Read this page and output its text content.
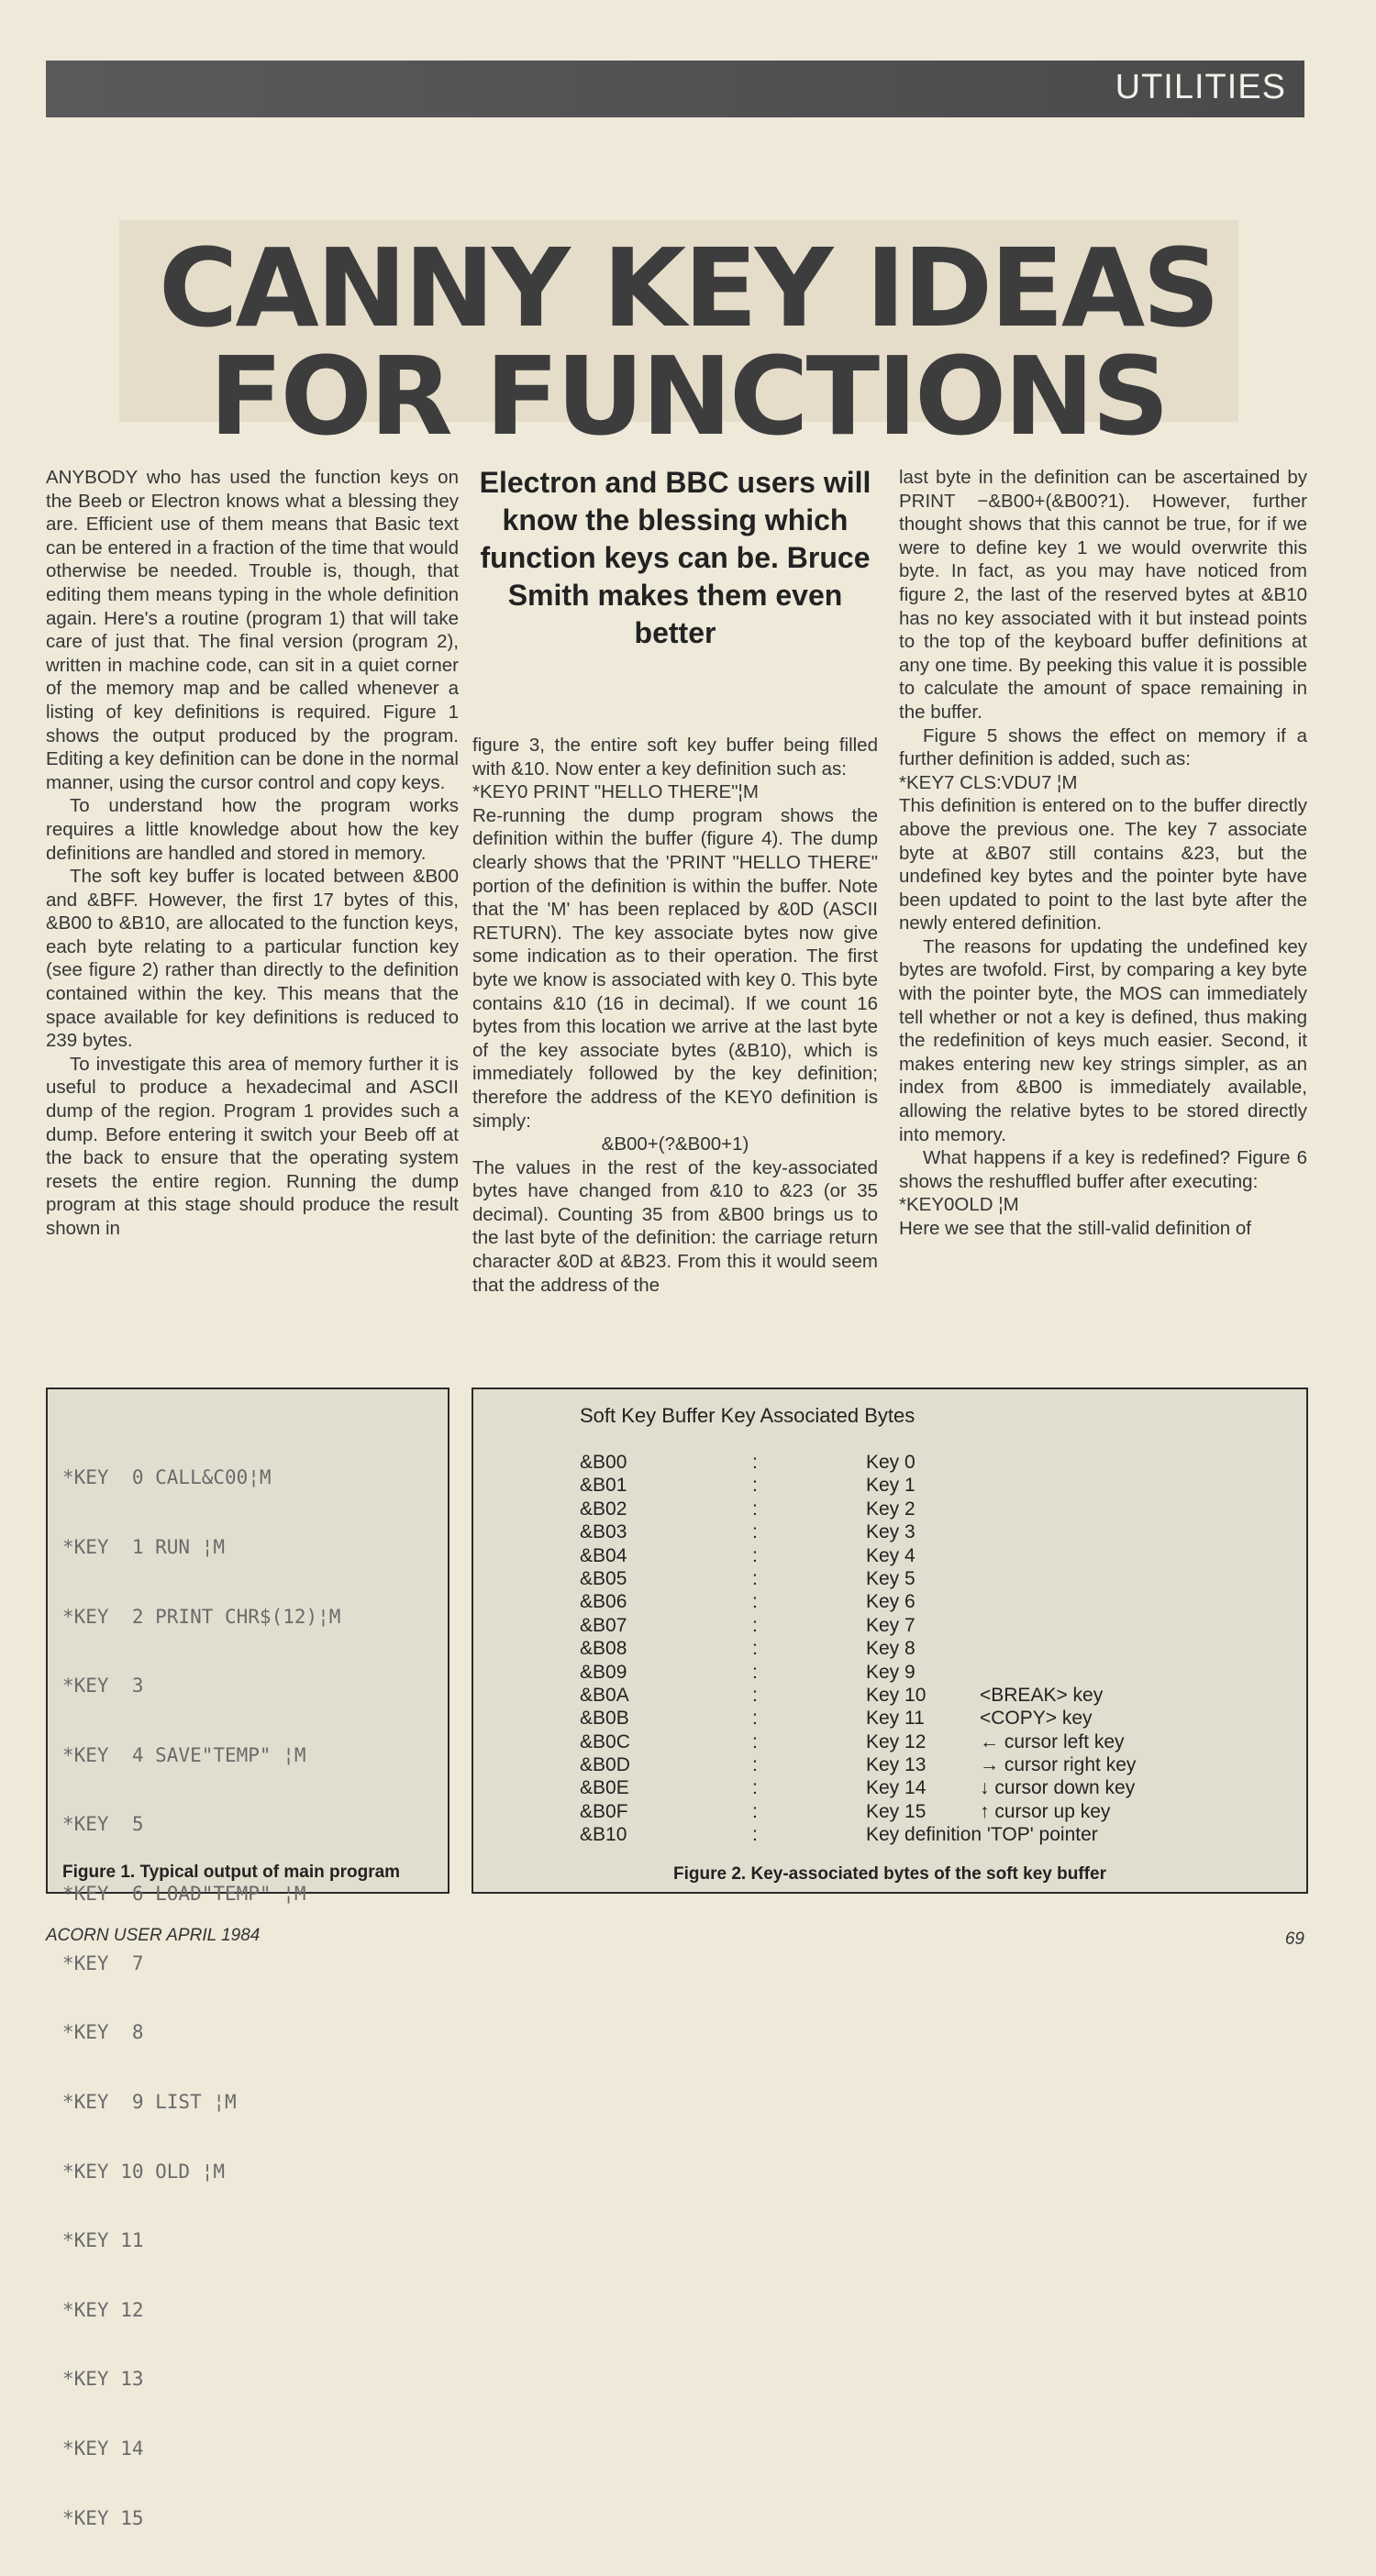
UTILITIES
CANNY KEY IDEAS
FOR FUNCTIONS

ANYBODY who has used the function keys on the Beeb or Electron knows what a blessing they are. Efficient use of them means that Basic text can be entered in a fraction of the time that would otherwise be needed. Trouble is, though, that editing them means typing in the whole definition again. Here's a routine (program 1) that will take care of just that. The final version (program 2), written in machine code, can sit in a quiet corner of the memory map and be called whenever a listing of key definitions is required. Figure 1 shows the output produced by the program. Editing a key definition can be done in the normal manner, using the cursor control and copy keys.

To understand how the program works requires a little knowledge about how the key definitions are handled and stored in memory.

The soft key buffer is located between &B00 and &BFF. However, the first 17 bytes of this, &B00 to &B10, are allocated to the function keys, each byte relating to a particular function key (see figure 2) rather than directly to the definition contained within the key. This means that the space available for key definitions is reduced to 239 bytes.

To investigate this area of memory further it is useful to produce a hexadecimal and ASCII dump of the region. Program 1 provides such a dump. Before entering it switch your Beeb off at the back to ensure that the operating system resets the entire region. Running the dump program at this stage should produce the result shown in

Electron and BBC users will know the blessing which function keys can be. Bruce Smith makes them even better

figure 3, the entire soft key buffer being filled with &10. Now enter a key definition such as:

*KEY0 PRINT "HELLO THERE"¦M

Re-running the dump program shows the definition within the buffer (figure 4). The dump clearly shows that the 'PRINT "HELLO THERE" portion of the definition is within the buffer. Note that the 'M' has been replaced by &0D (ASCII RETURN). The key associate bytes now give some indication as to their operation. The first byte we know is associated with key 0. This byte contains &10 (16 in decimal). If we count 16 bytes from this location we arrive at the last byte of the key associate bytes (&B10), which is immediately followed by the key definition; therefore the address of the KEY0 definition is simply:

&B00+(?&B00+1)

The values in the rest of the key-associated bytes have changed from &10 to &23 (or 35 decimal). Counting 35 from &B00 brings us to the last byte of the definition: the carriage return character &0D at &B23. From this it would seem that the address of the

last byte in the definition can be ascertained by PRINT −&B00+(&B00?1). However, further thought shows that this cannot be true, for if we were to define key 1 we would overwrite this byte. In fact, as you may have noticed from figure 2, the last of the reserved bytes at &B10 has no key associated with it but instead points to the top of the keyboard buffer definitions at any one time. By peeking this value it is possible to calculate the amount of space remaining in the buffer.

Figure 5 shows the effect on memory if a further definition is added, such as:

*KEY7 CLS:VDU7 ¦M

This definition is entered on to the buffer directly above the previous one. The key 7 associate byte at &B07 still contains &23, but the undefined key bytes and the pointer byte have been updated to point to the last byte after the newly entered definition.

The reasons for updating the undefined key bytes are twofold. First, by comparing a key byte with the pointer byte, the MOS can immediately tell whether or not a key is defined, thus making the redefinition of keys much easier. Second, it makes entering new key strings simpler, as an index from &B00 is immediately available, allowing the relative bytes to be stored directly into memory.

What happens if a key is redefined? Figure 6 shows the reshuffled buffer after executing:

*KEY0OLD ¦M

Here we see that the still-valid definition of

*KEY  0 CALL&C00¦M

*KEY  1 RUN ¦M

*KEY  2 PRINT CHR$(12)¦M

*KEY  3

*KEY  4 SAVE"TEMP" ¦M

*KEY  5

*KEY  6 LOAD"TEMP" ¦M

*KEY  7

*KEY  8

*KEY  9 LIST ¦M

*KEY 10 OLD ¦M

*KEY 11

*KEY 12

*KEY 13

*KEY 14

*KEY 15

Figure 1. Typical output of main program
Soft Key Buffer Key Associated Bytes
&B00	:	Key 0
&B01	:	Key 1
&B02	:	Key 2
&B03	:	Key 3
&B04	:	Key 4
&B05	:	Key 5
&B06	:	Key 6
&B07	:	Key 7
&B08	:	Key 8
&B09	:	Key 9
&B0A	:	Key 10	<BREAK> key
&B0B	:	Key 11	<COPY> key
&B0C	:	Key 12	← cursor left key
&B0D	:	Key 13	→ cursor right key
&B0E	:	Key 14	↓ cursor down key
&B0F	:	Key 15	↑ cursor up key
&B10	:	Key definition 'TOP' pointer
Figure 2. Key-associated bytes of the soft key buffer
ACORN USER APRIL 1984	69
